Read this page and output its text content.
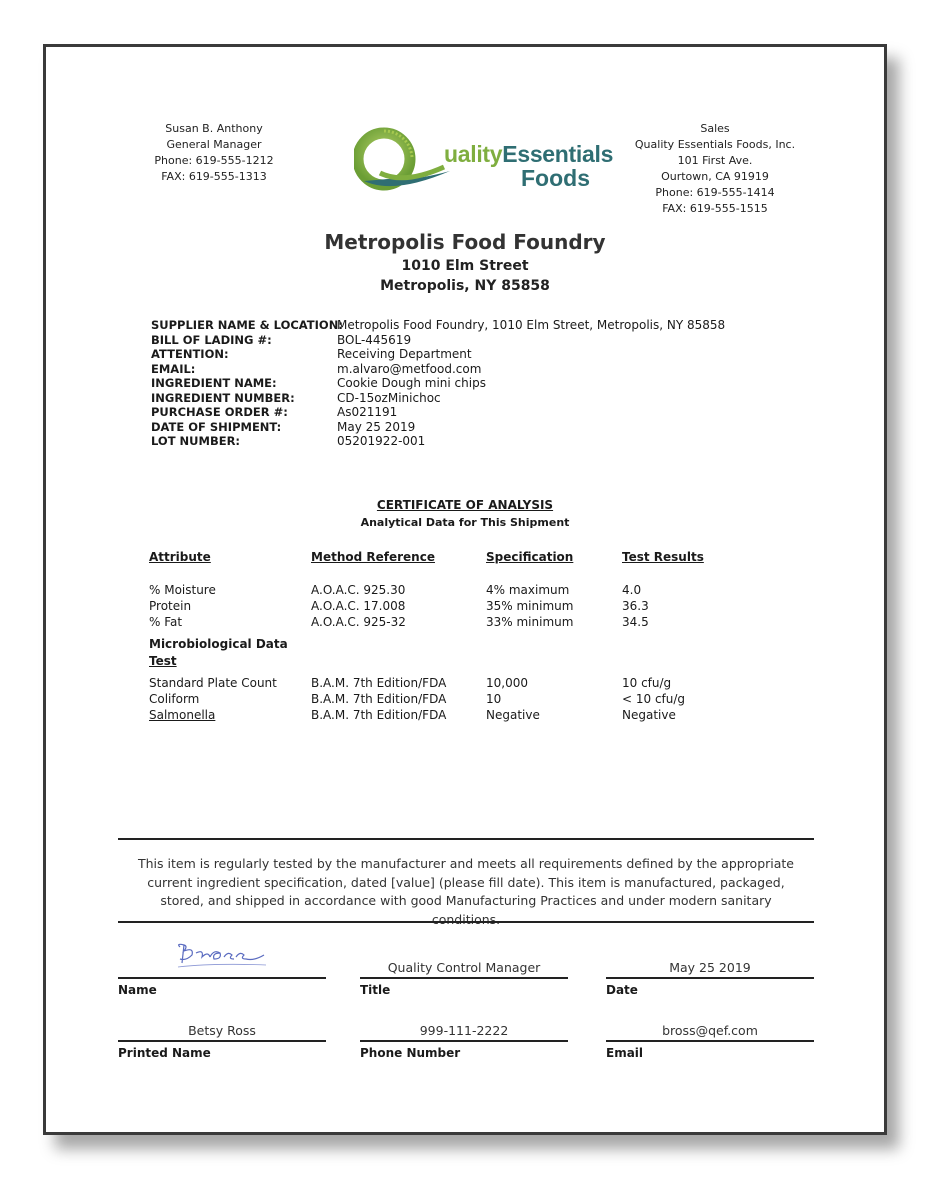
Susan B. Anthony
General Manager
Phone: 619-555-1212
FAX: 619-555-1313
ualityEssentials
Foods
Sales
Quality Essentials Foods, Inc.
101 First Ave.
Ourtown, CA 91919
Phone: 619-555-1414
FAX: 619-555-1515
Metropolis Food Foundry
1010 Elm Street
Metropolis, NY 85858
SUPPLIER NAME & LOCATION:
Metropolis Food Foundry, 1010 Elm Street, Metropolis, NY 85858
BILL OF LADING #:	BOL-445619
ATTENTION:	Receiving Department
EMAIL:	m.alvaro@metfood.com
INGREDIENT NAME:	Cookie Dough mini chips
INGREDIENT NUMBER:	CD-15ozMinichoc
PURCHASE ORDER #:	As021191
DATE OF SHIPMENT:	May 25 2019
LOT NUMBER:	05201922-001
CERTIFICATE OF ANALYSIS
Analytical Data for This Shipment
Attribute	Method Reference	Specification	Test Results
% Moisture	A.O.A.C. 925.30	4% maximum	4.0
Protein	A.O.A.C. 17.008	35% minimum	36.3
% Fat	A.O.A.C. 925-32	33% minimum	34.5
Microbiological Data
Test
Standard Plate Count	B.A.M. 7th Edition/FDA	10,000	10 cfu/g
Coliform	B.A.M. 7th Edition/FDA	10	< 10 cfu/g
Salmonella	B.A.M. 7th Edition/FDA	Negative	Negative
This item is regularly tested by the manufacturer and meets all requirements defined by the appropriate current ingredient specification, dated [value] (please fill date). This item is manufactured, packaged, stored, and shipped in accordance with good Manufacturing Practices and under modern sanitary conditions.
Name
Quality Control Manager
Title
May 25 2019
Date
Betsy Ross
Printed Name
999-111-2222
Phone Number
bross@qef.com
Email
